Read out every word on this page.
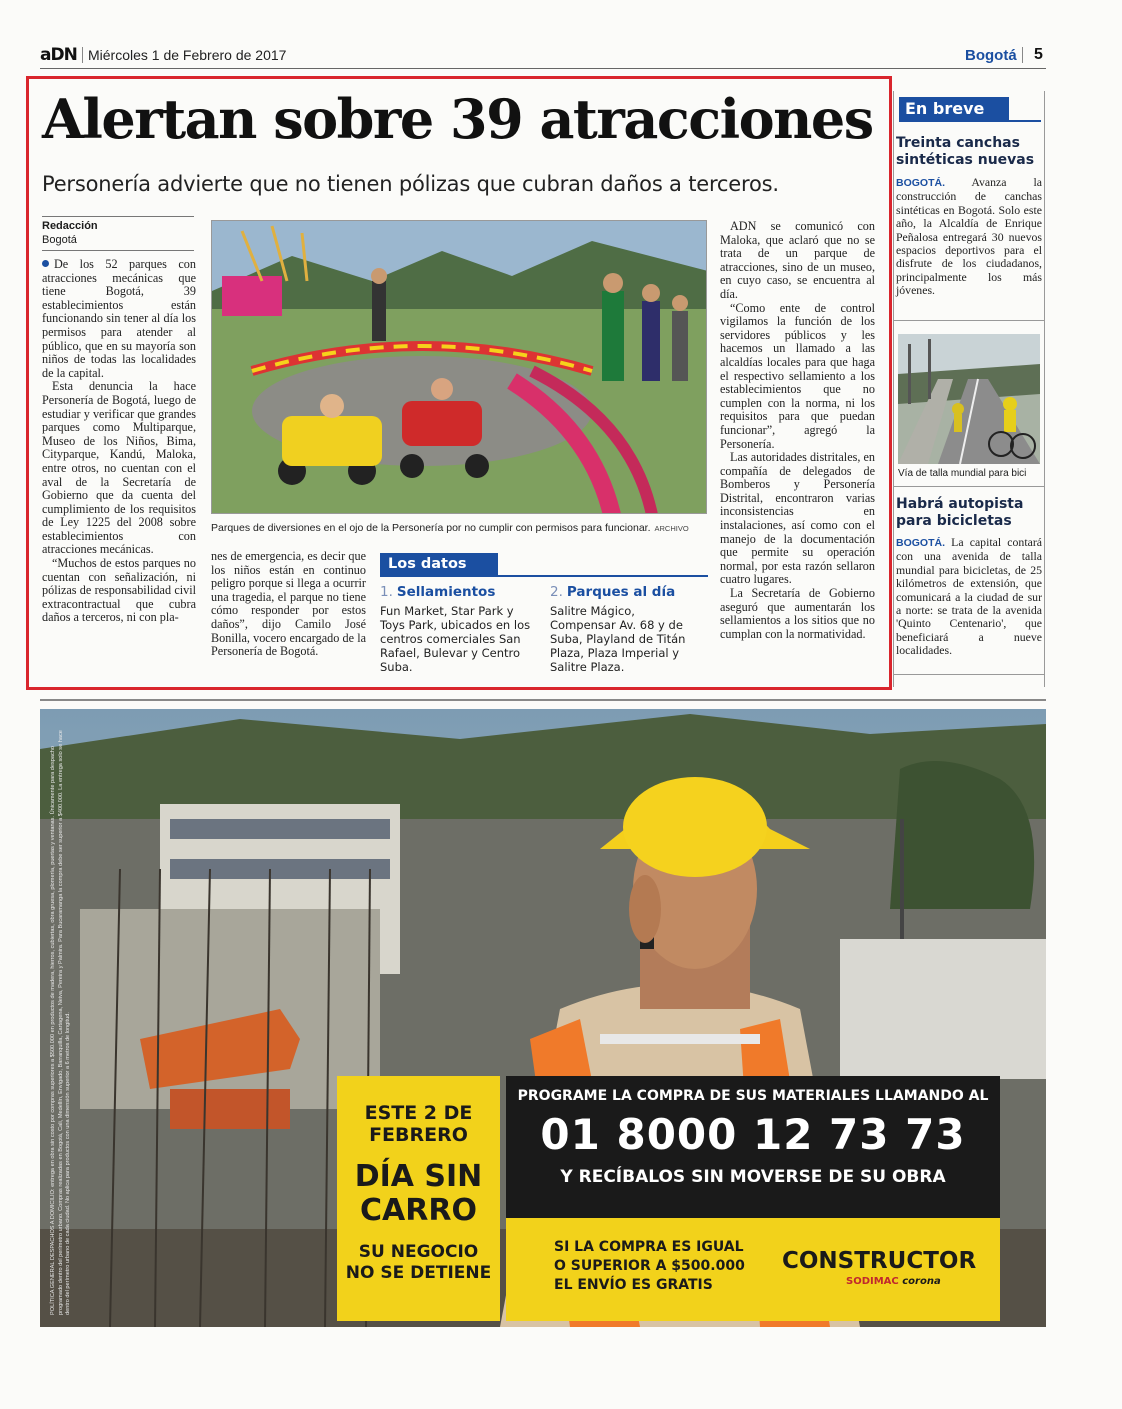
aDN Miércoles 1 de Febrero de 2017	Bogotá 5
Alertan sobre 39 atracciones
Personería advierte que no tienen pólizas que cubran daños a terceros.
Redacción
Bogotá

De los 52 parques con atracciones mecánicas que tiene Bogotá, 39 establecimientos están funcionando sin tener al día los permisos para atender al público, que en su mayoría son niños de todas las localidades de la capital.

Esta denuncia la hace Personería de Bogotá, luego de estudiar y verificar que grandes parques como Multiparque, Museo de los Niños, Bima, Cityparque, Kandú, Maloka, entre otros, no cuentan con el aval de la Secretaría de Gobierno que da cuenta del cumplimiento de los requisitos de Ley 1225 del 2008 sobre establecimientos con atracciones mecánicas.

“Muchos de estos parques no cuentan con señalización, ni pólizas de responsabilidad civil extracontractual que cubra daños a terceros, ni con pla-

Parques de diversiones en el ojo de la Personería por no cumplir con permisos para funcionar. ARCHIVO

nes de emergencia, es decir que los niños están en continuo peligro porque si llega a ocurrir una tragedia, el parque no tiene cómo responder por estos daños”, dijo Camilo José Bonilla, vocero encargado de la Personería de Bogotá.

Los datos
1. Sellamientos
Fun Market, Star Park y Toys Park, ubicados en los centros comerciales San Rafael, Bulevar y Centro Suba.
2. Parques al día
Salitre Mágico, Compensar Av. 68 y de Suba, Playland de Titán Plaza, Plaza Imperial y Salitre Plaza.

ADN se comunicó con Maloka, que aclaró que no se trata de un parque de atracciones, sino de un museo, en cuyo caso, se encuentra al día.

“Como ente de control vigilamos la función de los servidores públicos y les hacemos un llamado a las alcaldías locales para que haga el respectivo sellamiento a los establecimientos que no cumplen con la norma, ni los requisitos para que puedan funcionar”, agregó la Personería.

Las autoridades distritales, en compañía de delegados de Bomberos y Personería Distrital, encontraron varias inconsistencias en instalaciones, así como con el manejo de la documentación que permite su operación normal, por esta razón sellaron cuatro lugares.

La Secretaría de Gobierno aseguró que aumentarán los sellamientos a los sitios que no cumplan con la normatividad.

En breve
Treinta canchas sintéticas nuevas
BOGOTÁ. Avanza la construcción de canchas sintéticas en Bogotá. Solo este año, la Alcaldía de Enrique Peñalosa entregará 30 nuevos espacios deportivos para el disfrute de los ciudadanos, principalmente los más jóvenes.
Vía de talla mundial para bici
Habrá autopista para bicicletas
BOGOTÁ. La capital contará con una avenida de talla mundial para bicicletas, de 25 kilómetros de extensión, que comunicará a la ciudad de sur a norte: se trata de la avenida 'Quinto Centenario', que beneficiará a nueve localidades.
POLÍTICA GENERAL DESPACHOS A DOMICILIO: entrega en obra sin costo por compras superiores a $500.000 en productos de madera, hierros, cubiertas, obra gruesa, plomería, puertas y ventanas. Únicamente para despacho programado dentro del perímetro urbano. Compras realizadas en Bogotá, Cali, Medellín, Envigado, Barranquilla, Cartagena, Neiva, Pereira y Palmira. Para Bucaramanga la compra debe ser superior a $400.000. La entrega solo se hace dentro del perímetro urbano de cada ciudad. No aplica para productos con una dimensión superior a 6 metros de longitud.	ESTE 2 DE
FEBRERO
DÍA SIN
CARRO
SU NEGOCIO
NO SE DETIENE
PROGRAME LA COMPRA DE SUS MATERIALES LLAMANDO AL
01 8000 12 73 73
Y RECÍBALOS SIN MOVERSE DE SU OBRA
SI LA COMPRA ES IGUAL
O SUPERIOR A $500.000
EL ENVÍO ES GRATIS
CONSTRUCTOR
SODIMAC corona
